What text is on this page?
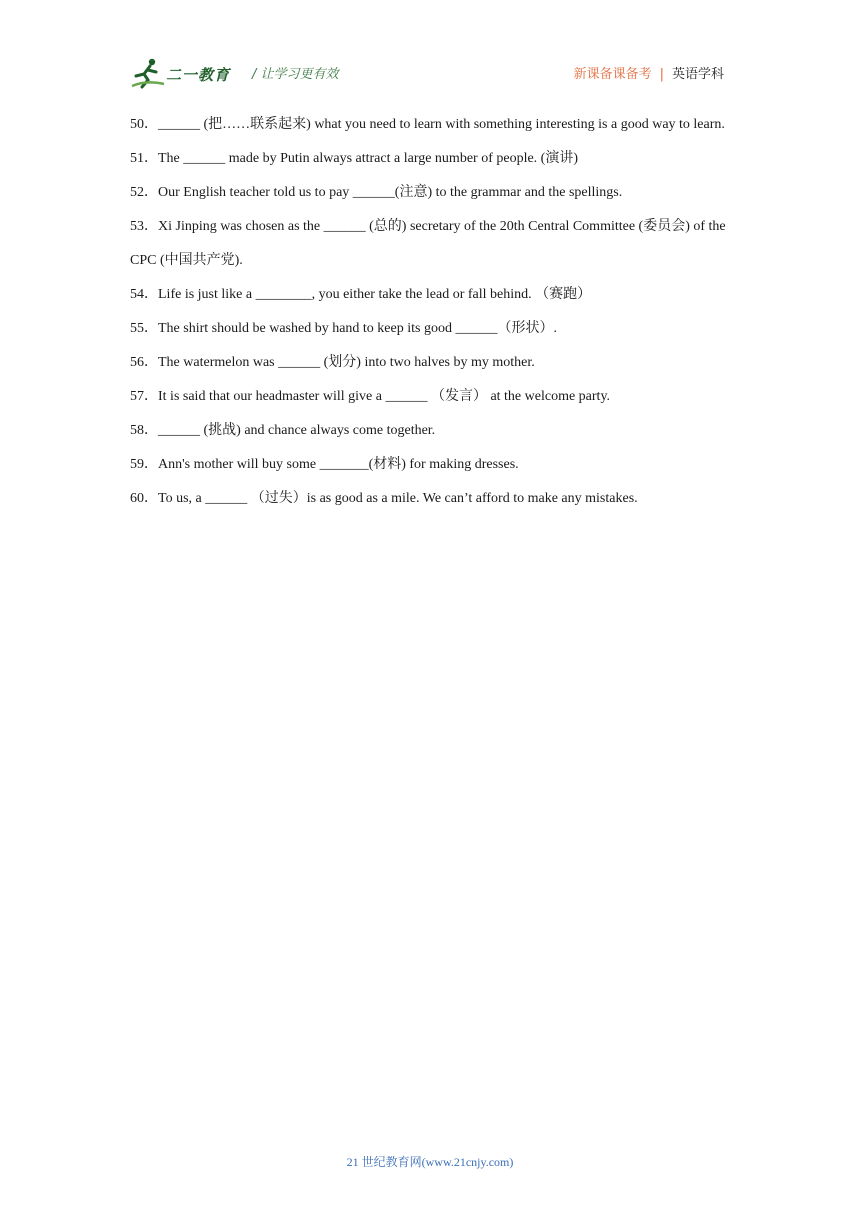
二一教育 / 让学习更有效	新课备课备考 | 英语学科

50．______ (把……联系起来) what you need to learn with something interesting is a good way to learn.

51．The ______ made by Putin always attract a large number of people. (演讲)

52．Our English teacher told us to pay ______(注意) to the grammar and the spellings.

53．Xi Jinping was chosen as the ______ (总的) secretary of the 20th Central Committee (委员会) of the CPC (中国共产党).

54．Life is just like a ________, you either take the lead or fall behind. （赛跑）

55．The shirt should be washed by hand to keep its good ______（形状）.

56．The watermelon was ______ (划分) into two halves by my mother.

57．It is said that our headmaster will give a ______ （发言） at the welcome party.

58．______ (挑战) and chance always come together.

59．Ann's mother will buy some _______(材料) for making dresses.

60．To us, a ______ （过失）is as good as a mile. We can’t afford to make any mistakes.

21 世纪教育网(www.21cnjy.com)
